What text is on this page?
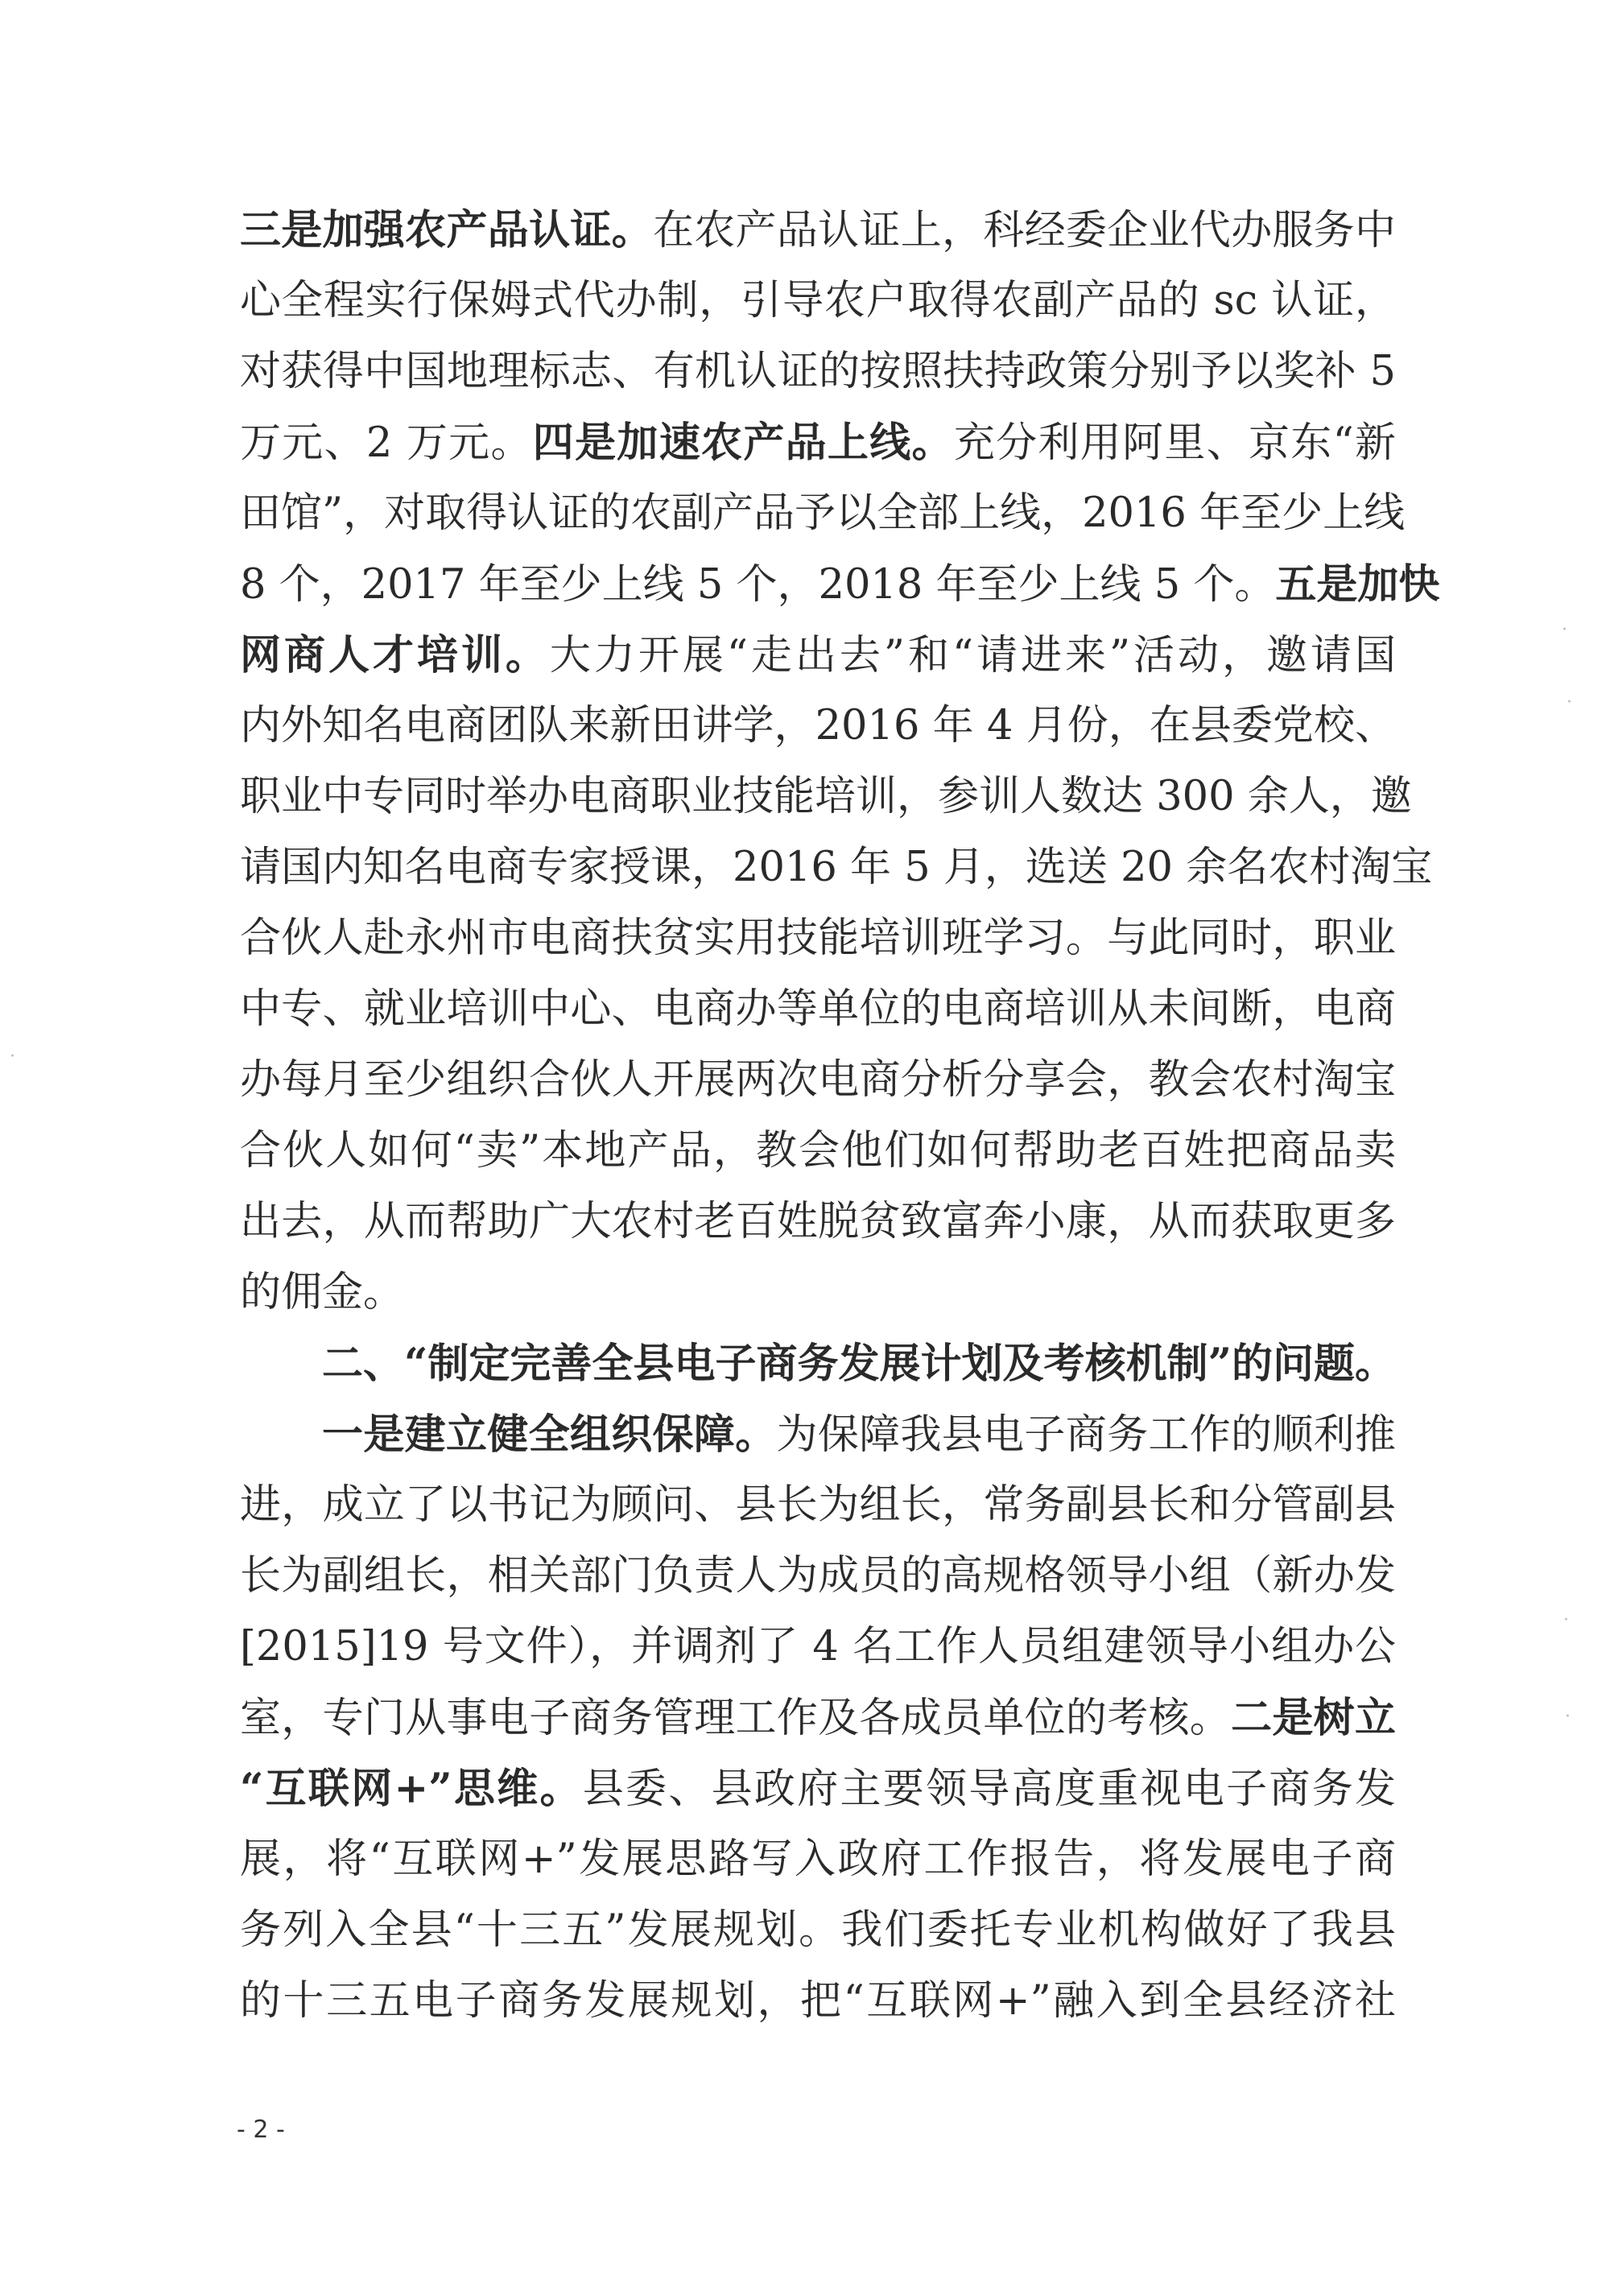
三是加强农产品认证。在农产品认证上，科经委企业代办服务中
心全程实行保姆式代办制，引导农户取得农副产品的 sc 认证，
对获得中国地理标志、有机认证的按照扶持政策分别予以奖补 5
万元、2 万元。四是加速农产品上线。充分利用阿里、京东“新
田馆”，对取得认证的农副产品予以全部上线，2016 年至少上线
8 个，2017 年至少上线 5 个，2018 年至少上线 5 个。五是加快
网商人才培训。大力开展“走出去”和“请进来”活动，邀请国
内外知名电商团队来新田讲学，2016 年 4 月份，在县委党校、
职业中专同时举办电商职业技能培训，参训人数达 300 余人，邀
请国内知名电商专家授课，2016 年 5 月，选送 20 余名农村淘宝
合伙人赴永州市电商扶贫实用技能培训班学习。与此同时，职业
中专、就业培训中心、电商办等单位的电商培训从未间断，电商
办每月至少组织合伙人开展两次电商分析分享会，教会农村淘宝
合伙人如何“卖”本地产品，教会他们如何帮助老百姓把商品卖
出去，从而帮助广大农村老百姓脱贫致富奔小康，从而获取更多
的佣金。
二、“制定完善全县电子商务发展计划及考核机制”的问题。
一是建立健全组织保障。为保障我县电子商务工作的顺利推
进，成立了以书记为顾问、县长为组长，常务副县长和分管副县
长为副组长，相关部门负责人为成员的高规格领导小组（新办发
[2015]19 号文件），并调剂了 4 名工作人员组建领导小组办公
室，专门从事电子商务管理工作及各成员单位的考核。二是树立
“互联网+”思维。县委、县政府主要领导高度重视电子商务发
展，将“互联网+”发展思路写入政府工作报告，将发展电子商
务列入全县“十三五”发展规划。我们委托专业机构做好了我县
的十三五电子商务发展规划，把“互联网+”融入到全县经济社
- 2 -
·
·
·
·
·
